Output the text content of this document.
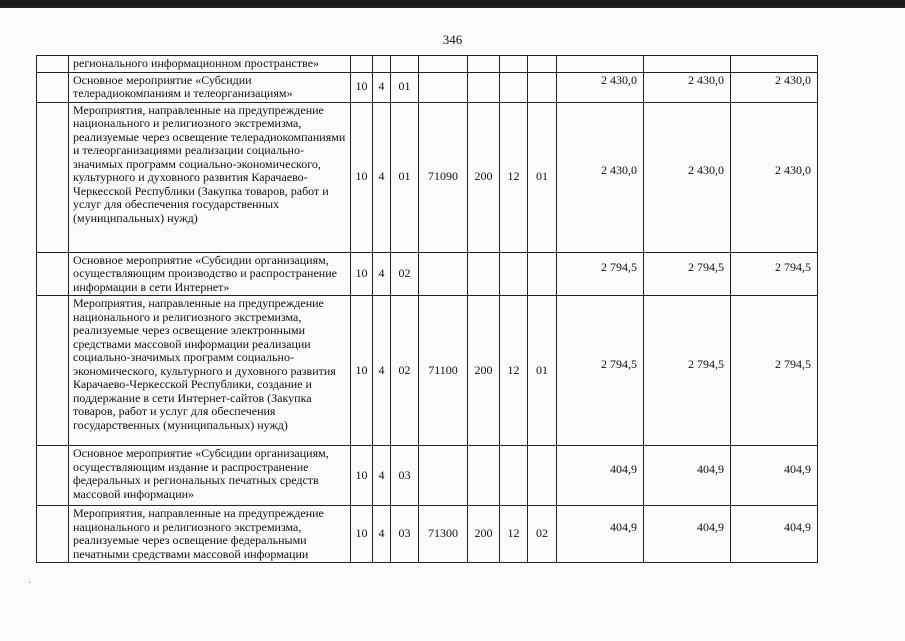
346
	регионального информационном пространстве»										
	Основное мероприятие «Субсидии телерадиокомпаниям и телеорганизациям»	10	4	01					2 430,0	2 430,0	2 430,0
	Мероприятия, направленные на предупреждение национального и религиозного экстремизма, реализуемые через освещение телерадиокомпаниями и телеорганизациями реализации социально-значимых программ социально-экономического, культурного и духовного развития Карачаево-Черкесской Республики (Закупка товаров, работ и услуг для обеспечения государственных (муниципальных) нужд)	10	4	01	71090	200	12	01	2 430,0	2 430,0	2 430,0
	Основное мероприятие «Субсидии организациям, осуществляющим производство и распространение информации в сети Интернет»	10	4	02					2 794,5	2 794,5	2 794,5
	Мероприятия, направленные на предупреждение национального и религиозного экстремизма, реализуемые через освещение электронными средствами массовой информации реализации социально-значимых программ социально-экономического, культурного и духовного развития Карачаево-Черкесской Республики, создание и поддержание в сети Интернет-сайтов (Закупка товаров, работ и услуг для обеспечения государственных (муниципальных) нужд)	10	4	02	71100	200	12	01	2 794,5	2 794,5	2 794,5
	Основное мероприятие «Субсидии организациям, осуществляющим издание и распространение федеральных и региональных печатных средств массовой информации»	10	4	03					404,9	404,9	404,9
	Мероприятия, направленные на предупреждение национального и религиозного экстремизма, реализуемые через освещение федеральными печатными средствами массовой информации	10	4	03	71300	200	12	02	404,9	404,9	404,9
·
